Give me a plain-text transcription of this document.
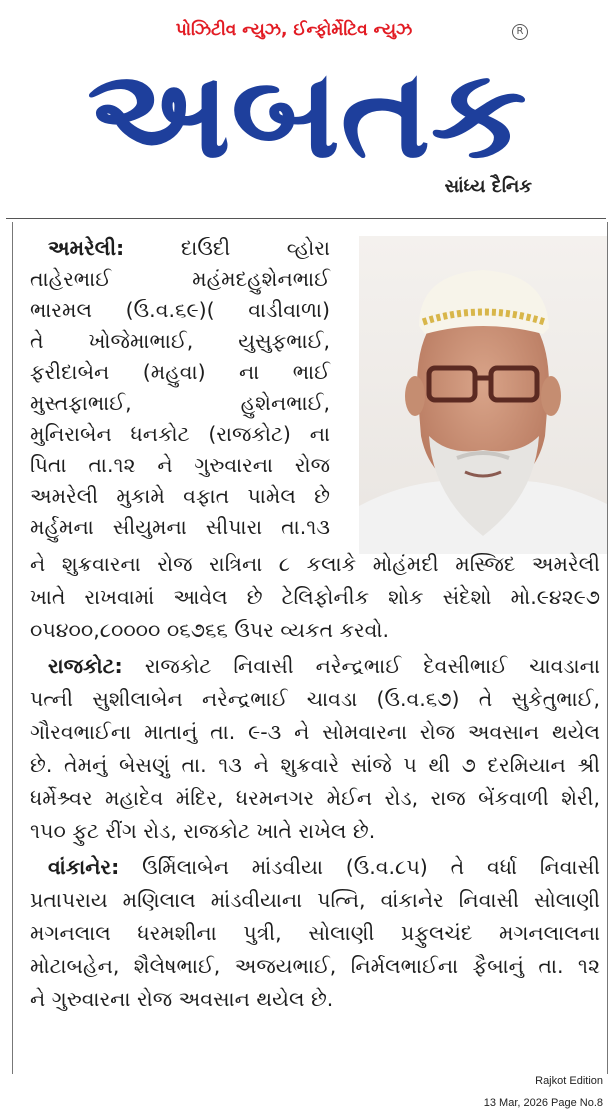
પોઝિટીવ ન્યુઝ, ઈન્ફોર્મેટિવ ન્યુઝ	R
અબતક
સાંધ્ય દૈનિક
અમરેલી:	દાઉદી વ્હોરા
તાહેરભાઈ મહંમદહુશેનભાઈ
ભારમલ (ઉ.વ.૬૯)( વાડીવાળા)
તે ખોજેમાભાઈ, યુસુફભાઈ,
ફરીદાબેન (મહુવા) ના ભાઈ
મુસ્તફાભાઈ, હુશેનભાઈ,
મુનિરાબેન ધનકોટ (રાજકોટ) ના
પિતા તા.૧૨ ને ગુરુવારના રોજ
અમરેલી મુકામે વફાત પામેલ છે
મર્હુમના સીયુમના સીપારા તા.૧૩
ને શુક્રવારના રોજ રાત્રિના ૮ કલાકે મોહંમદી મસ્જિદ અમરેલી
ખાતે રાખવામાં આવેલ છે ટેલિફોનીક શોક સંદેશો મો.૯૪૨૯૭
૦૫૪૦૦,૮૦૦૦૦ ૦૬૭૬૬ ઉપર વ્યકત કરવો.
રાજકોટ: રાજકોટ નિવાસી નરેન્દ્રભાઈ દેવસીભાઈ ચાવડાના
પત્ની સુશીલાબેન નરેન્દ્રભાઈ ચાવડા (ઉ.વ.૬૭) તે સુકેતુભાઈ,
ગૌરવભાઈના માતાનું તા. ૯-૩ ને સોમવારના રોજ અવસાન થયેલ
છે. તેમનું બેસણું તા. ૧૩ ને શુક્રવારે સાંજે ૫ થી ૭ દરમિયાન શ્રી
ધર્મેશ્ર્વર મહાદેવ મંદિર, ધરમનગર મેઈન રોડ, રાજ બેંકવાળી શેરી,
૧૫૦ ફુટ રીંગ રોડ, રાજકોટ ખાતે રાખેલ છે.
વાંકાનેર: ઉર્મિલાબેન માંડવીયા (ઉ.વ.૮૫) તે વર્ધા નિવાસી
પ્રતાપરાય મણિલાલ માંડવીયાના પત્નિ, વાંકાનેર નિવાસી સોલાણી
મગનલાલ ધરમશીના પુત્રી, સોલાણી પ્રફુલચંદ મગનલાલના
મોટાબહેન, શૈલેષભાઈ, અજયભાઈ, નિર્મલભાઈના ફૈબાનું તા. ૧૨
ને ગુરુવારના રોજ અવસાન થયેલ છે.
Rajkot Edition
13 Mar, 2026 Page No.8
